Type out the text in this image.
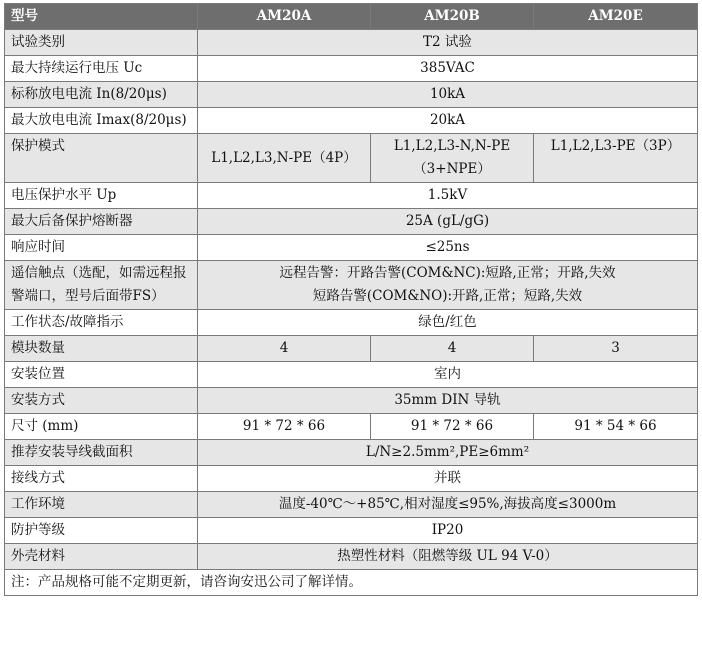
型号	AM20A	AM20B	AM20E
试验类别	T2 试验		
最大持续运行电压 Uc	385VAC		
标称放电电流 In(8/20μs)	10kA		
最大放电电流 Imax(8/20μs)	20kA		
保护模式	L1,L2,L3,N-PE（4P）	L1,L2,L3-N,N-PE（3+NPE）	L1,L2,L3-PE（3P）
电压保护水平 Up	1.5kV		
最大后备保护熔断器	25A (gL/gG)		
响应时间	≤25ns		
遥信触点（选配，如需远程报警端口，型号后面带FS）	远程告警：开路告警(COM&NC):短路,正常；开路,失效
短路告警(COM&NO):开路,正常；短路,失效		

工作状态/故障指示	绿色/红色		
模块数量	4	4	3
安装位置	室内		
安装方式	35mm DIN 导轨		
尺寸 (mm)	91 * 72 * 66	91 * 72 * 66	91 * 54 * 66
推荐安装导线截面积	L/N≥2.5mm²,PE≥6mm²		
接线方式	并联		
工作环境	温度-40℃～+85℃,相对湿度≤95%,海拔高度≤3000m		
防护等级	IP20		
外壳材料	热塑性材料（阻燃等级 UL 94 V-0）		
注：产品规格可能不定期更新，请咨询安迅公司了解详情。			
